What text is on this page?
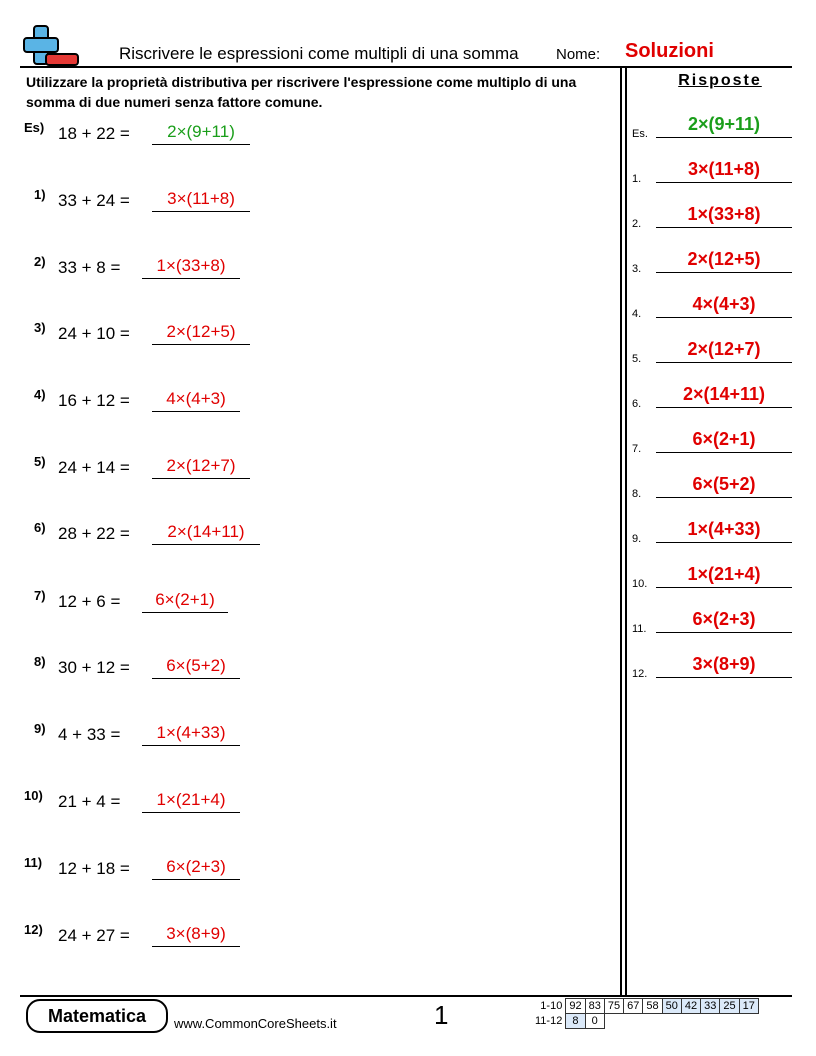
Riscrivere le espressioni come multipli di una somma Nome: Soluzioni
Utilizzare la proprietà distributiva per riscrivere l'espressione come multiplo di una somma di due numeri senza fattore comune.
Risposte
Es) 18 + 22 =	2×(9+11)
1) 33 + 24 =	3×(11+8)
2) 33 + 8 =	1×(33+8)
3) 24 + 10 =	2×(12+5)
4) 16 + 12 =	4×(4+3)
5) 24 + 14 =	2×(12+7)
6) 28 + 22 =	2×(14+11)
7) 12 + 6 =	6×(2+1)
8) 30 + 12 =	6×(5+2)
9) 4 + 33 =	1×(4+33)
10) 21 + 4 =	1×(21+4)
11) 12 + 18 =	6×(2+3)
12) 24 + 27 =	3×(8+9)
Es.	2×(9+11)
1.	3×(11+8)
2.	1×(33+8)
3.	2×(12+5)
4.	4×(4+3)
5.	2×(12+7)
6.	2×(14+11)
7.	6×(2+1)
8.	6×(5+2)
9.	1×(4+33)
10.	1×(21+4)
11.	6×(2+3)
12.	3×(8+9)
Matematica	www.CommonCoreSheets.it	1	1-10	92	83	75	67	58	50	42	33	25	17
11-12	8	0								
